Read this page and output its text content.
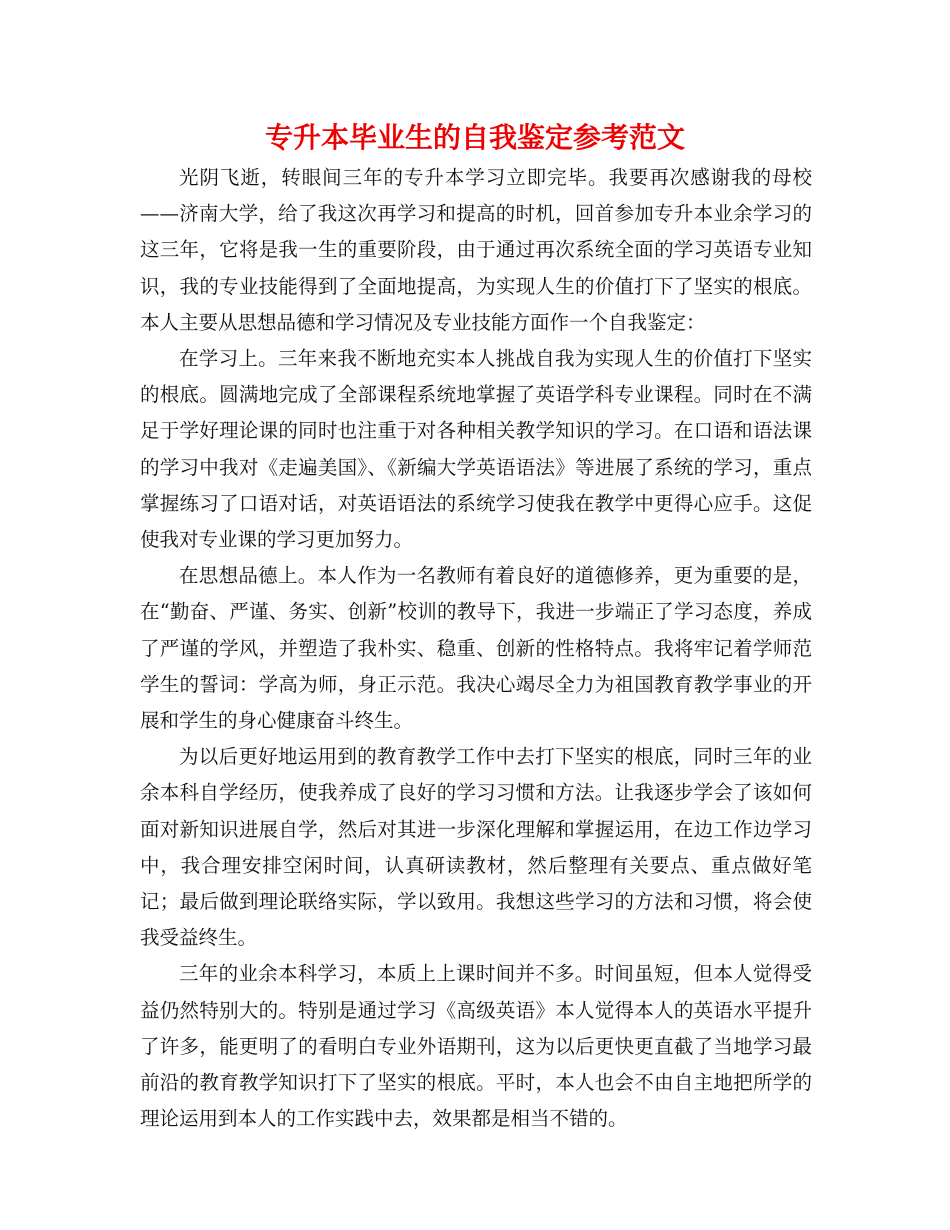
专升本毕业生的自我鉴定参考范文

光阴飞逝，转眼间三年的专升本学习立即完毕。我要再次感谢我的母校——济南大学，给了我这次再学习和提高的时机，回首参加专升本业余学习的这三年，它将是我一生的重要阶段，由于通过再次系统全面的学习英语专业知识，我的专业技能得到了全面地提高，为实现人生的价值打下了坚实的根底。本人主要从思想品德和学习情况及专业技能方面作一个自我鉴定：

在学习上。三年来我不断地充实本人挑战自我为实现人生的价值打下坚实的根底。圆满地完成了全部课程系统地掌握了英语学科专业课程。同时在不满足于学好理论课的同时也注重于对各种相关教学知识的学习。在口语和语法课的学习中我对《走遍美国》、《新编大学英语语法》等进展了系统的学习，重点掌握练习了口语对话，对英语语法的系统学习使我在教学中更得心应手。这促使我对专业课的学习更加努力。

在思想品德上。本人作为一名教师有着良好的道德修养，更为重要的是，在“勤奋、严谨、务实、创新”校训的教导下，我进一步端正了学习态度，养成了严谨的学风，并塑造了我朴实、稳重、创新的性格特点。我将牢记着学师范学生的誓词：学高为师，身正示范。我决心竭尽全力为祖国教育教学事业的开展和学生的身心健康奋斗终生。

为以后更好地运用到的教育教学工作中去打下坚实的根底，同时三年的业余本科自学经历，使我养成了良好的学习习惯和方法。让我逐步学会了该如何面对新知识进展自学，然后对其进一步深化理解和掌握运用，在边工作边学习中，我合理安排空闲时间，认真研读教材，然后整理有关要点、重点做好笔记；最后做到理论联络实际，学以致用。我想这些学习的方法和习惯，将会使我受益终生。

三年的业余本科学习，本质上上课时间并不多。时间虽短，但本人觉得受益仍然特别大的。特别是通过学习《高级英语》本人觉得本人的英语水平提升了许多，能更明了的看明白专业外语期刊，这为以后更快更直截了当地学习最前沿的教育教学知识打下了坚实的根底。平时，本人也会不由自主地把所学的理论运用到本人的工作实践中去，效果都是相当不错的。
